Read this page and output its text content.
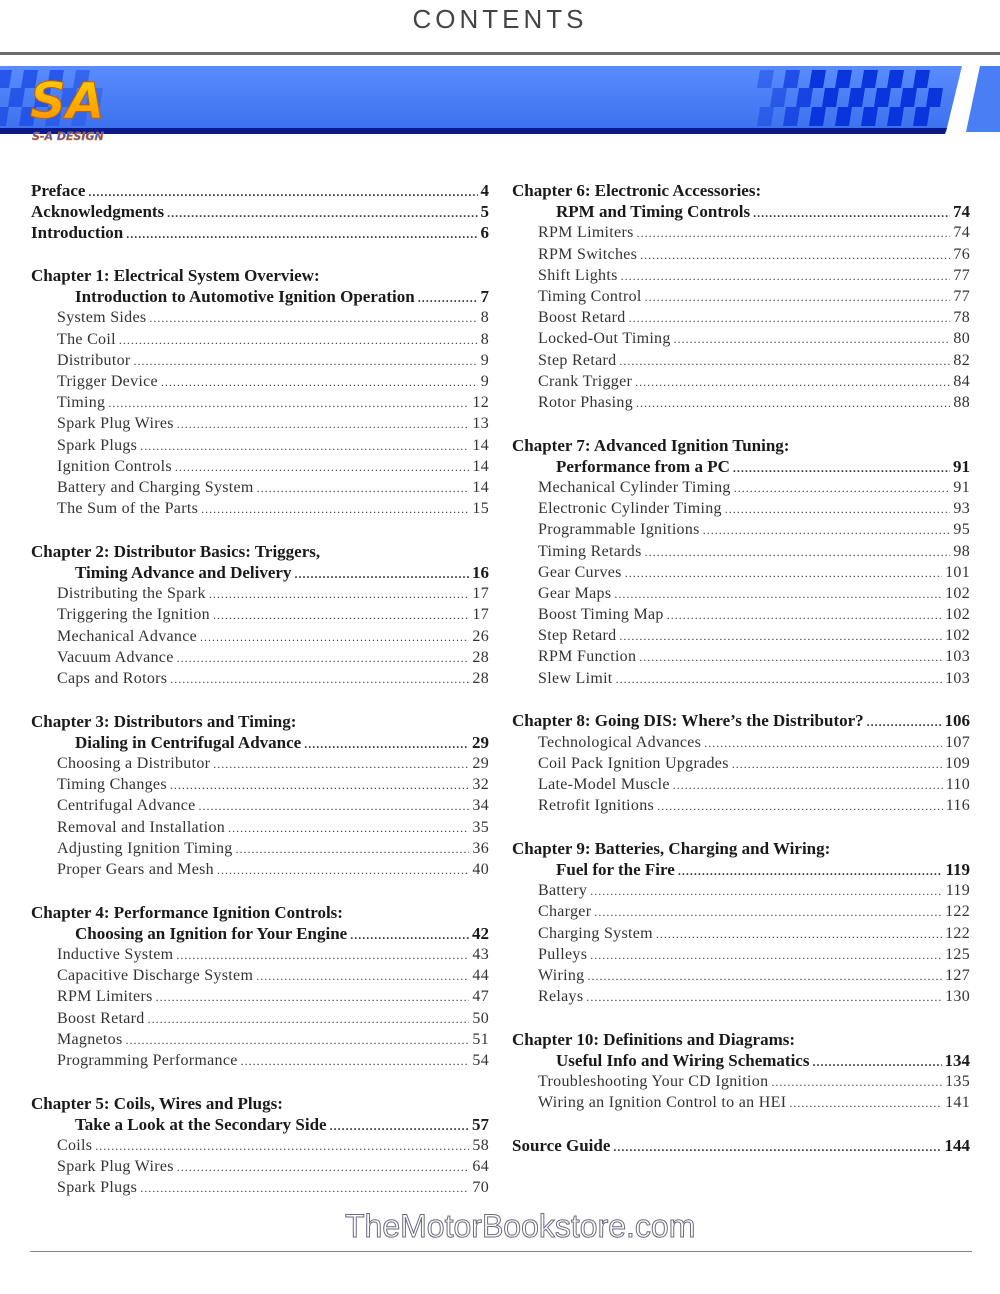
CONTENTS
SA
S-A DESIGN
Preface .....	4
Acknowledgments .....	5
Introduction .....	6
Chapter 1: Electrical System Overview:
Introduction to Automotive Ignition Operation .....	7
System Sides .....	8
The Coil .....	8
Distributor .....	9
Trigger Device .....	9
Timing .....	12
Spark Plug Wires .....	13
Spark Plugs .....	14
Ignition Controls .....	14
Battery and Charging System .....	14
The Sum of the Parts .....	15
Chapter 2: Distributor Basics: Triggers,
Timing Advance and Delivery .....	16
Distributing the Spark .....	17
Triggering the Ignition .....	17
Mechanical Advance .....	26
Vacuum Advance .....	28
Caps and Rotors .....	28
Chapter 3: Distributors and Timing:
Dialing in Centrifugal Advance .....	29
Choosing a Distributor .....	29
Timing Changes .....	32
Centrifugal Advance .....	34
Removal and Installation .....	35
Adjusting Ignition Timing .....	36
Proper Gears and Mesh .....	40
Chapter 4: Performance Ignition Controls:
Choosing an Ignition for Your Engine .....	42
Inductive System .....	43
Capacitive Discharge System .....	44
RPM Limiters .....	47
Boost Retard .....	50
Magnetos .....	51
Programming Performance .....	54
Chapter 5: Coils, Wires and Plugs:
Take a Look at the Secondary Side .....	57
Coils .....	58
Spark Plug Wires .....	64
Spark Plugs .....	70
Chapter 6: Electronic Accessories:
RPM and Timing Controls .....	74
RPM Limiters .....	74
RPM Switches .....	76
Shift Lights .....	77
Timing Control .....	77
Boost Retard .....	78
Locked-Out Timing .....	80
Step Retard .....	82
Crank Trigger .....	84
Rotor Phasing .....	88
Chapter 7: Advanced Ignition Tuning:
Performance from a PC .....	91
Mechanical Cylinder Timing .....	91
Electronic Cylinder Timing .....	93
Programmable Ignitions .....	95
Timing Retards .....	98
Gear Curves .....	101
Gear Maps .....	102
Boost Timing Map .....	102
Step Retard .....	102
RPM Function .....	103
Slew Limit .....	103
Chapter 8: Going DIS: Where’s the Distributor? .....	106
Technological Advances .....	107
Coil Pack Ignition Upgrades .....	109
Late-Model Muscle .....	110
Retrofit Ignitions .....	116
Chapter 9: Batteries, Charging and Wiring:
Fuel for the Fire .....	119
Battery .....	119
Charger .....	122
Charging System .....	122
Pulleys .....	125
Wiring .....	127
Relays .....	130
Chapter 10: Definitions and Diagrams:
Useful Info and Wiring Schematics .....	134
Troubleshooting Your CD Ignition .....	135
Wiring an Ignition Control to an HEI .....	141
Source Guide .....	144
TheMotorBookstore.com
